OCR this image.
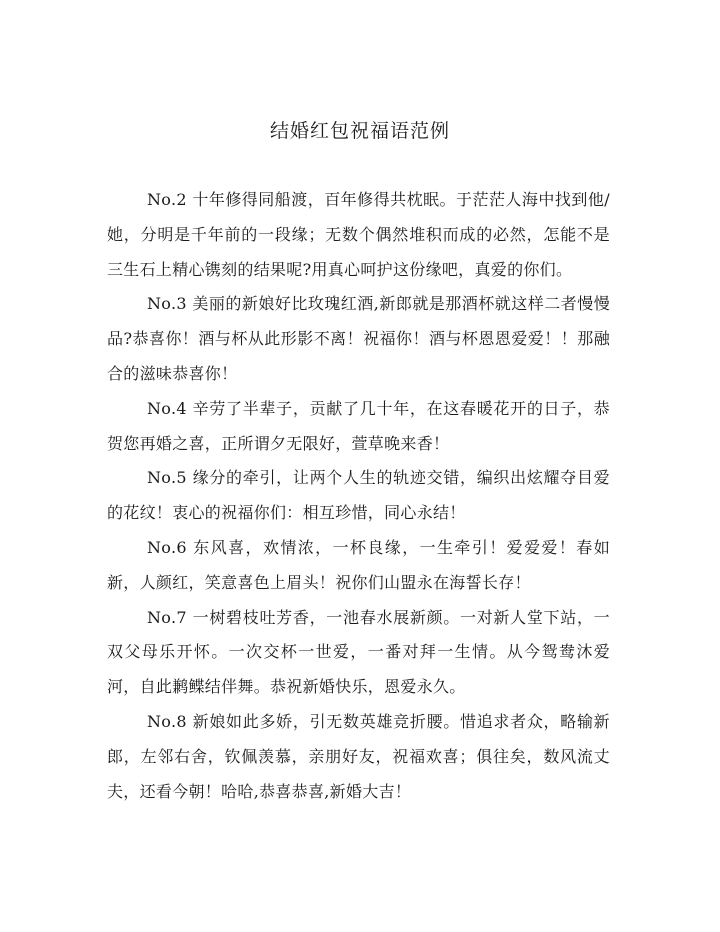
结婚红包祝福语范例

No.2 十年修得同船渡，百年修得共枕眠。于茫茫人海中找到他/她，分明是千年前的一段缘；无数个偶然堆积而成的必然，怎能不是三生石上精心镌刻的结果呢?用真心呵护这份缘吧，真爱的你们。

No.3 美丽的新娘好比玫瑰红酒,新郎就是那酒杯就这样二者慢慢品?恭喜你！酒与杯从此形影不离！祝福你！酒与杯恩恩爱爱！！那融合的滋味恭喜你！

No.4 辛劳了半辈子，贡献了几十年，在这春暖花开的日子，恭贺您再婚之喜，正所谓夕无限好，萱草晚来香！

No.5 缘分的牵引，让两个人生的轨迹交错，编织出炫耀夺目爱的花纹！衷心的祝福你们：相互珍惜，同心永结！

No.6 东风喜，欢情浓，一杯良缘，一生牵引！爱爱爱！春如新，人颜红，笑意喜色上眉头！祝你们山盟永在海誓长存！

No.7 一树碧枝吐芳香，一池春水展新颜。一对新人堂下站，一双父母乐开怀。一次交杯一世爱，一番对拜一生情。从今鸳鸯沐爱河，自此鹣鲽结伴舞。恭祝新婚快乐，恩爱永久。

No.8 新娘如此多娇，引无数英雄竞折腰。惜追求者众，略输新郎，左邻右舍，钦佩羡慕，亲朋好友，祝福欢喜；俱往矣，数风流丈夫，还看今朝！哈哈,恭喜恭喜,新婚大吉！
